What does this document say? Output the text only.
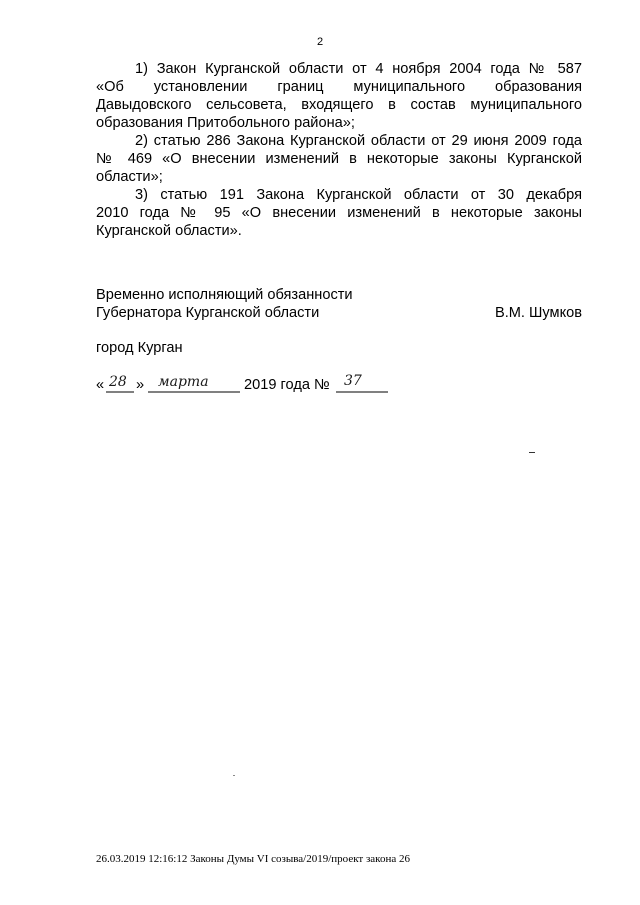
2

1) Закон Курганской области от 4 ноября 2004 года № 587
«Об установлении границ муниципального образования
Давыдовского сельсовета, входящего в состав муниципального
образования Притобольного района»;

2) статью 286 Закона Курганской области от 29 июня 2009 года
№ 469 «О внесении изменений в некоторые законы Курганской
области»;

3) статью 191 Закона Курганской области от 30 декабря
2010 года № 95 «О внесении изменений в некоторые законы
Курганской области».

Временно исполняющий обязанности
Губернатора Курганской области	В.М. Шумков
город Курган
« 28 » марта 2019 года № 37
26.03.2019 12:16:12 Законы Думы VI созыва/2019/проект закона 26
